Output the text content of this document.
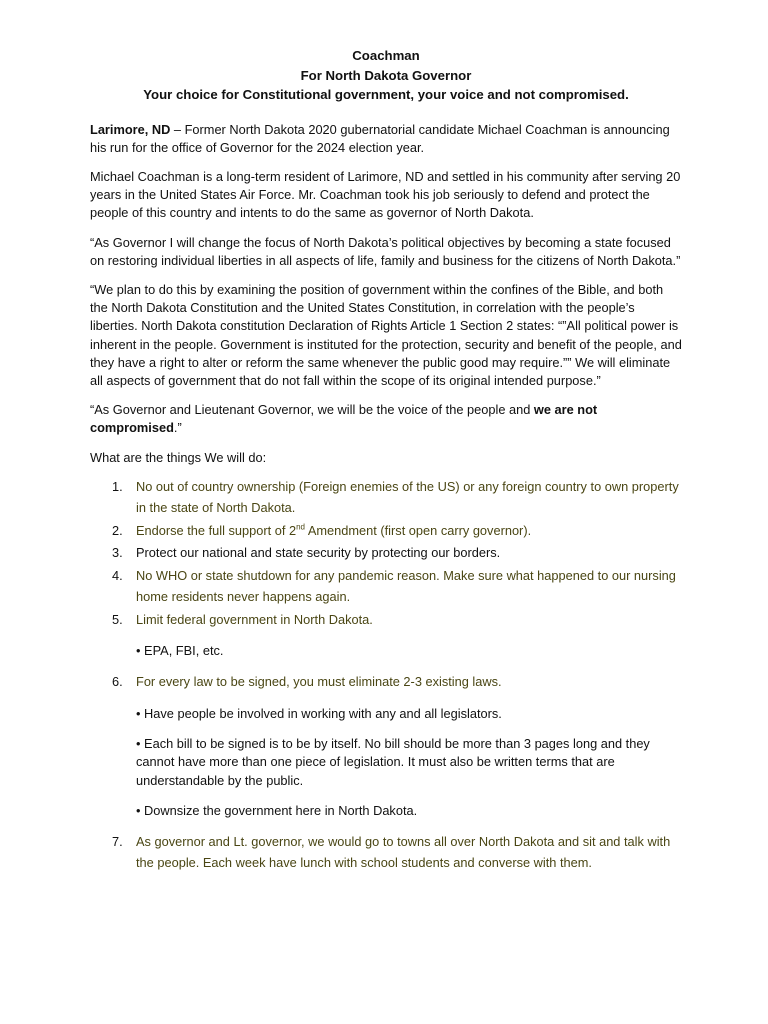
Coachman
For North Dakota Governor
Your choice for Constitutional government, your voice and not compromised.

Larimore, ND – Former North Dakota 2020 gubernatorial candidate Michael Coachman is announcing his run for the office of Governor for the 2024 election year.

Michael Coachman is a long-term resident of Larimore, ND and settled in his community after serving 20 years in the United States Air Force. Mr. Coachman took his job seriously to defend and protect the people of this country and intents to do the same as governor of North Dakota.

“As Governor I will change the focus of North Dakota’s political objectives by becoming a state focused on restoring individual liberties in all aspects of life, family and business for the citizens of North Dakota.”

“We plan to do this by examining the position of government within the confines of the Bible, and both the North Dakota Constitution and the United States Constitution, in correlation with the people’s liberties. North Dakota constitution Declaration of Rights Article 1 Section 2 states: “”All political power is inherent in the people. Government is instituted for the protection, security and benefit of the people, and they have a right to alter or reform the same whenever the public good may require.”” We will eliminate all aspects of government that do not fall within the scope of its original intended purpose.”

“As Governor and Lieutenant Governor, we will be the voice of the people and we are not compromised.”

What are the things We will do:

1. No out of country ownership (Foreign enemies of the US) or any foreign country to own property in the state of North Dakota.
2. Endorse the full support of 2nd Amendment (first open carry governor).
3. Protect our national and state security by protecting our borders.
4. No WHO or state shutdown for any pandemic reason. Make sure what happened to our nursing home residents never happens again.
5. Limit federal government in North Dakota.
• EPA, FBI, etc.
6. For every law to be signed, you must eliminate 2-3 existing laws.
• Have people be involved in working with any and all legislators.
• Each bill to be signed is to be by itself. No bill should be more than 3 pages long and they cannot have more than one piece of legislation. It must also be written terms that are understandable by the public.
• Downsize the government here in North Dakota.
7. As governor and Lt. governor, we would go to towns all over North Dakota and sit and talk with the people. Each week have lunch with school students and converse with them.
